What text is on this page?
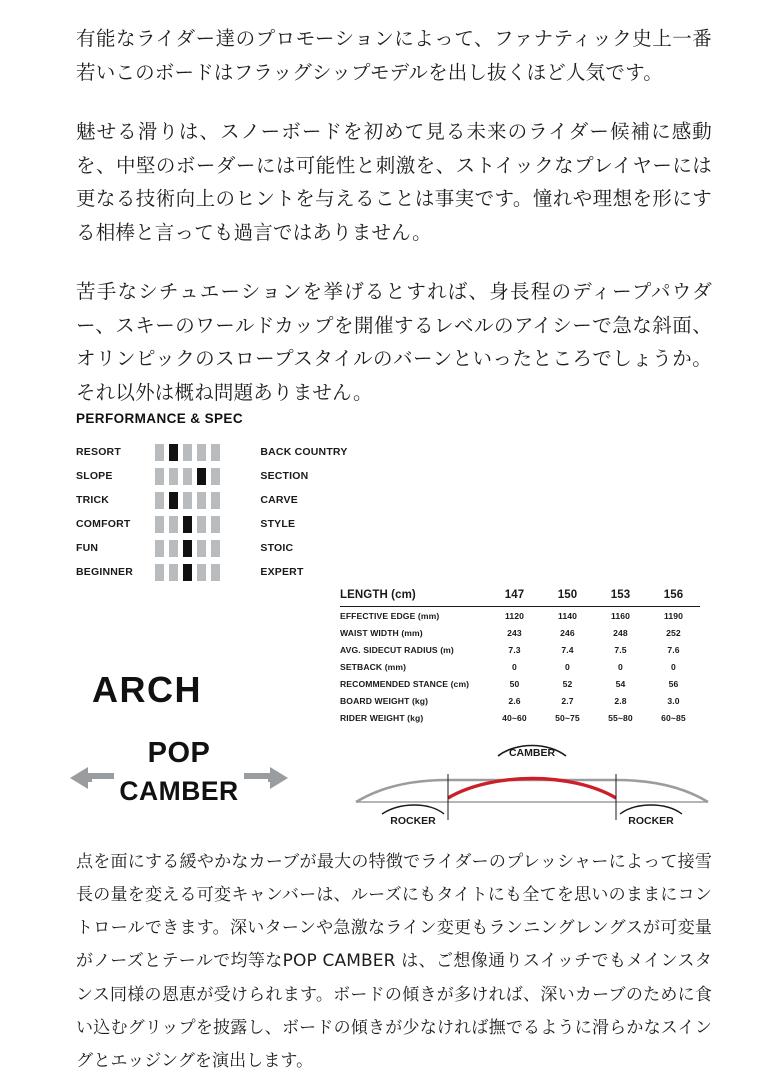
有能なライダー達のプロモーションによって、ファナティック史上一番若いこのボードはフラッグシップモデルを出し抜くほど人気です。

魅せる滑りは、スノーボードを初めて見る未来のライダー候補に感動を、中堅のボーダーには可能性と刺激を、ストイックなプレイヤーには更なる技術向上のヒントを与えることは事実です。憧れや理想を形にする相棒と言っても過言ではありません。

苦手なシチュエーションを挙げるとすれば、身長程のディープパウダー、スキーのワールドカップを開催するレベルのアイシーで急な斜面、オリンピックのスロープスタイルのバーンといったところでしょうか。それ以外は概ね問題ありません。

PERFORMANCE & SPEC
RESORT		BACK COUNTRY
SLOPE		SECTION
TRICK		CARVE
COMFORT		STYLE
FUN		STOIC
BEGINNER		EXPERT
LENGTH (cm)	147	150	153	156
EFFECTIVE EDGE (mm)	1120	1140	1160	1190
WAIST WIDTH (mm)	243	246	248	252
AVG. SIDECUT RADIUS (m)	7.3	7.4	7.5	7.6
SETBACK (mm)	0	0	0	0
RECOMMENDED STANCE (cm)	50	52	54	56
BOARD WEIGHT (kg)	2.6	2.7	2.8	3.0
RIDER WEIGHT (kg)	40~60	50~75	55~80	60~85
ARCH
POP
CAMBER
CAMBER
ROCKER	ROCKER

点を面にする緩やかなカーブが最大の特徴でライダーのプレッシャーによって接雪長の量を変える可変キャンバーは、ルーズにもタイトにも全てを思いのままにコントロールできます。深いターンや急激なライン変更もランニングレングスが可変量がノーズとテールで均等なPOP CAMBER は、ご想像通りスイッチでもメインスタンス同様の恩恵が受けられます。ボードの傾きが多ければ、深いカーブのために食い込むグリップを披露し、ボードの傾きが少なければ撫でるように滑らかなスイングとエッジングを演出します。
